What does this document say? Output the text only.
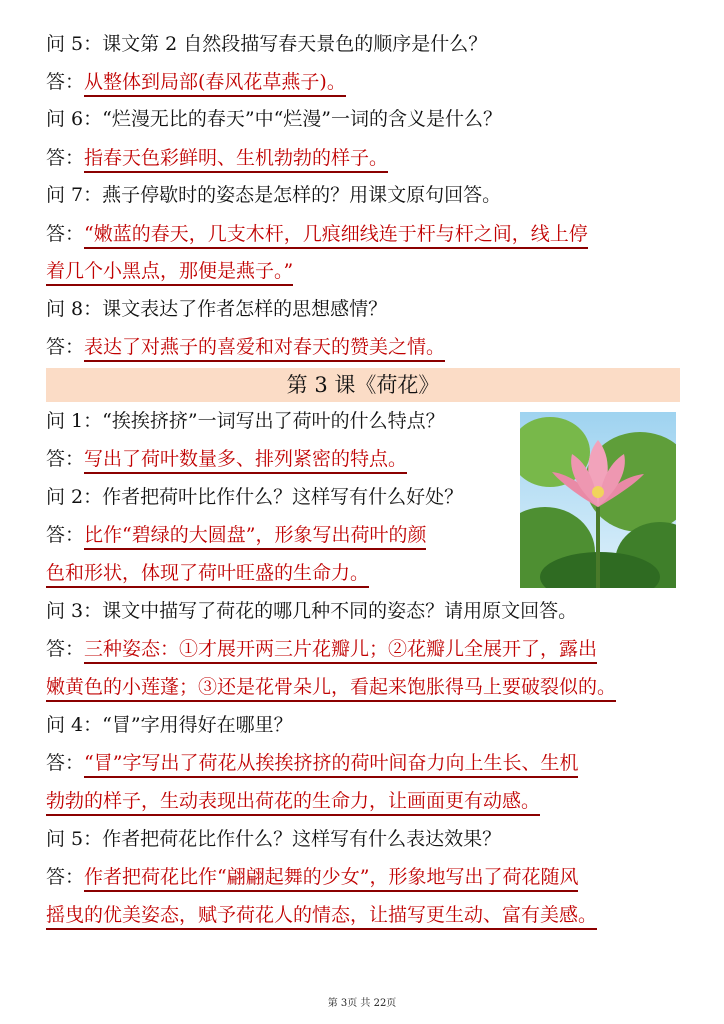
问 5：课文第 2 自然段描写春天景色的顺序是什么？
答：从整体到局部(春风花草燕子)。
问 6：“烂漫无比的春天”中“烂漫”一词的含义是什么？
答：指春天色彩鲜明、生机勃勃的样子。
问 7：燕子停歇时的姿态是怎样的？用课文原句回答。
答：“嫩蓝的春天，几支木杆，几痕细线连于杆与杆之间，线上停
着几个小黑点，那便是燕子。”
问 8：课文表达了作者怎样的思想感情？
答：表达了对燕子的喜爱和对春天的赞美之情。
第 3 课《荷花》
问 1：“挨挨挤挤”一词写出了荷叶的什么特点？
答：写出了荷叶数量多、排列紧密的特点。
问 2：作者把荷叶比作什么？这样写有什么好处？
答：比作“碧绿的大圆盘”，形象写出荷叶的颜
色和形状，体现了荷叶旺盛的生命力。
问 3：课文中描写了荷花的哪几种不同的姿态？请用原文回答。
答：三种姿态：①才展开两三片花瓣儿；②花瓣儿全展开了，露出
嫩黄色的小莲蓬；③还是花骨朵儿，看起来饱胀得马上要破裂似的。
问 4：“冒”字用得好在哪里？
答：“冒”字写出了荷花从挨挨挤挤的荷叶间奋力向上生长、生机
勃勃的样子，生动表现出荷花的生命力，让画面更有动感。
问 5：作者把荷花比作什么？这样写有什么表达效果？
答：作者把荷花比作“翩翩起舞的少女”，形象地写出了荷花随风
摇曳的优美姿态，赋予荷花人的情态，让描写更生动、富有美感。
第 3页 共 22页
